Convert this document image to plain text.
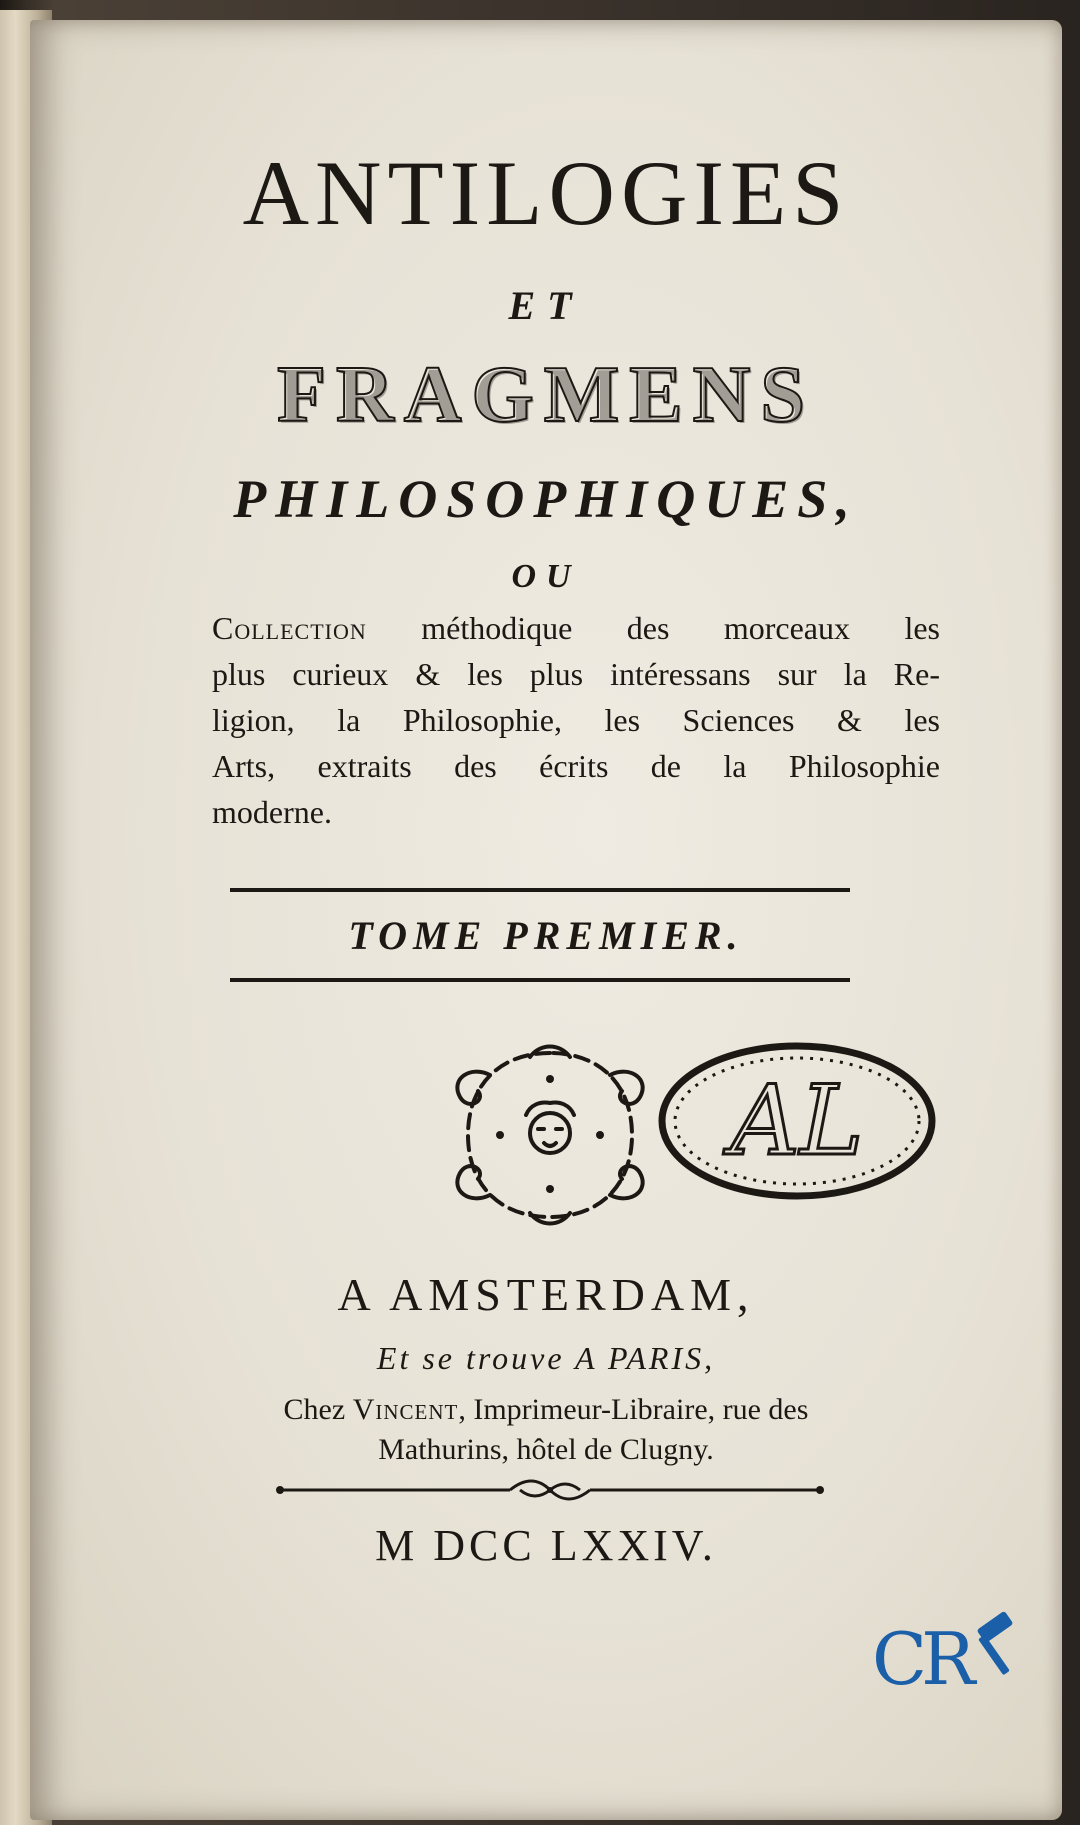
ANTILOGIES
ET
FRAGMENS
PHILOSOPHIQUES,
OU
Collection méthodique des morceaux les
plus curieux & les plus intéressans sur la Re-
ligion, la Philosophie, les Sciences & les
Arts, extraits des écrits de la Philosophie
moderne.
TOME PREMIER.
AL
A AMSTERDAM,
Et se trouve A PARIS,
Chez Vincent, Imprimeur-Libraire, rue des
Mathurins, hôtel de Clugny.
M DCC LXXIV.
CR
